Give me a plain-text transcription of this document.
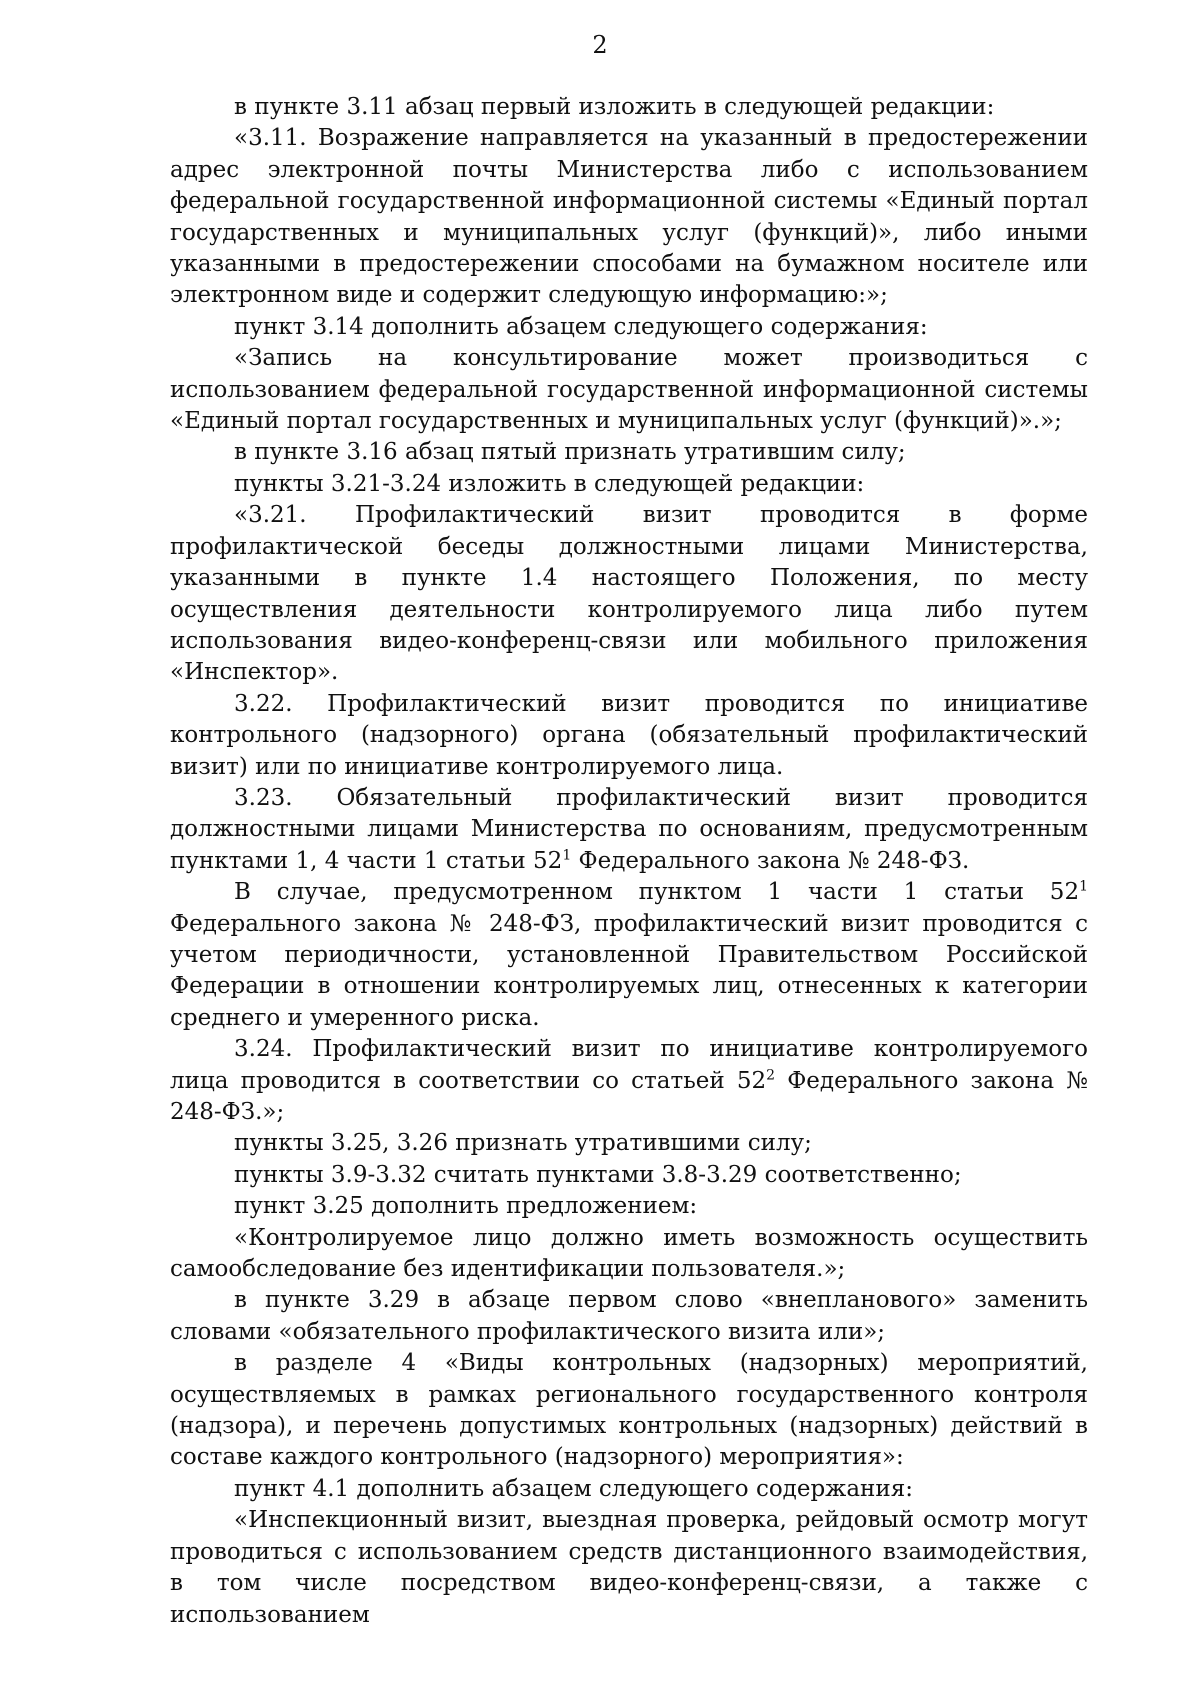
2

в пункте 3.11 абзац первый изложить в следующей редакции:

«3.11. Возражение направляется на указанный в предостережении адрес электронной почты Министерства либо с использованием федеральной государственной информационной системы «Единый портал государственных и муниципальных услуг (функций)», либо иными указанными в предостережении способами на бумажном носителе или электронном виде и содержит следующую информацию:»;

пункт 3.14 дополнить абзацем следующего содержания:

«Запись на консультирование может производиться с использованием федеральной государственной информационной системы «Единый портал государственных и муниципальных услуг (функций)».»;

в пункте 3.16 абзац пятый признать утратившим силу;

пункты 3.21-3.24 изложить в следующей редакции:

«3.21. Профилактический визит проводится в форме профилактической беседы должностными лицами Министерства, указанными в пункте 1.4 настоящего Положения, по месту осуществления деятельности контролируемого лица либо путем использования видео-конференц-связи или мобильного приложения «Инспектор».

3.22. Профилактический визит проводится по инициативе контрольного (надзорного) органа (обязательный профилактический визит) или по инициативе контролируемого лица.

3.23. Обязательный профилактический визит проводится должностными лицами Министерства по основаниям, предусмотренным пунктами 1, 4 части 1 статьи $52^1$ Федерального закона № 248-ФЗ.

В случае, предусмотренном пунктом 1 части 1 статьи $52^1$ Федерального закона № 248-ФЗ, профилактический визит проводится с учетом периодичности, установленной Правительством Российской Федерации в отношении контролируемых лиц, отнесенных к категории среднего и умеренного риска.

3.24. Профилактический визит по инициативе контролируемого лица проводится в соответствии со статьей $52^2$ Федерального закона № 248-ФЗ.»;

пункты 3.25, 3.26 признать утратившими силу;

пункты 3.9-3.32 считать пунктами 3.8-3.29 соответственно;

пункт 3.25 дополнить предложением:

«Контролируемое лицо должно иметь возможность осуществить самообследование без идентификации пользователя.»;

в пункте 3.29 в абзаце первом слово «внепланового» заменить словами «обязательного профилактического визита или»;

в разделе 4 «Виды контрольных (надзорных) мероприятий, осуществляемых в рамках регионального государственного контроля (надзора), и перечень допустимых контрольных (надзорных) действий в составе каждого контрольного (надзорного) мероприятия»:

пункт 4.1 дополнить абзацем следующего содержания:

«Инспекционный визит, выездная проверка, рейдовый осмотр могут проводиться с использованием средств дистанционного взаимодействия, в том числе посредством видео-конференц-связи, а также с использованием
